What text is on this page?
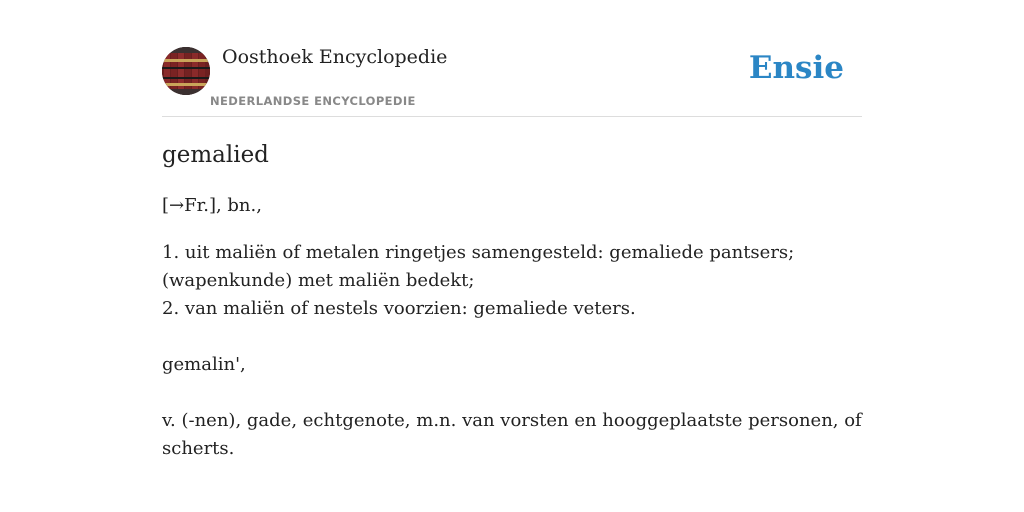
Oosthoek Encyclopedie
NEDERLANDSE ENCYCLOPEDIE
Ensie
gemalied

[→Fr.], bn.,

1. uit maliën of metalen ringetjes samengesteld: gemaliede pantsers;
(wapenkunde) met maliën bedekt;
2. van maliën of nestels voorzien: gemaliede veters.

gemalin',

v. (-nen), gade, echtgenote, m.n. van vorsten en hooggeplaatste personen, of
scherts.
